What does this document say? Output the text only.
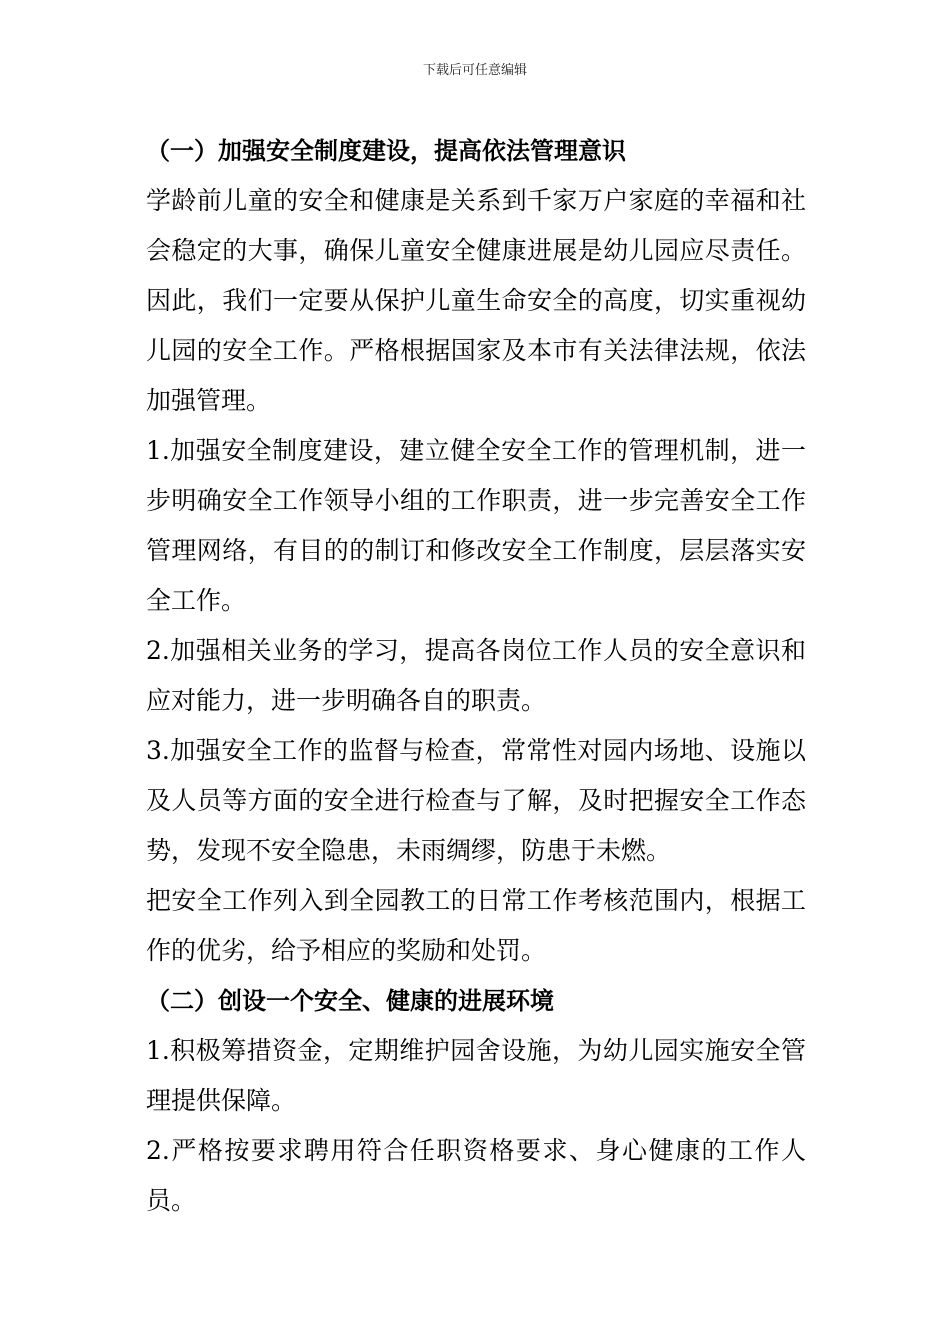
下载后可任意编辑
（一）加强安全制度建设，提高依法管理意识

学龄前儿童的安全和健康是关系到千家万户家庭的幸福和社会稳定的大事，确保儿童安全健康进展是幼儿园应尽责任。因此，我们一定要从保护儿童生命安全的高度，切实重视幼儿园的安全工作。严格根据国家及本市有关法律法规，依法加强管理。

1.加强安全制度建设，建立健全安全工作的管理机制，进一步明确安全工作领导小组的工作职责，进一步完善安全工作管理网络，有目的的制订和修改安全工作制度，层层落实安全工作。

2.加强相关业务的学习，提高各岗位工作人员的安全意识和应对能力，进一步明确各自的职责。

3.加强安全工作的监督与检查，常常性对园内场地、设施以及人员等方面的安全进行检查与了解，及时把握安全工作态势，发现不安全隐患，未雨绸缪，防患于未燃。

把安全工作列入到全园教工的日常工作考核范围内，根据工作的优劣，给予相应的奖励和处罚。

（二）创设一个安全、健康的进展环境

1.积极筹措资金，定期维护园舍设施，为幼儿园实施安全管理提供保障。

2.严格按要求聘用符合任职资格要求、身心健康的工作人员。
